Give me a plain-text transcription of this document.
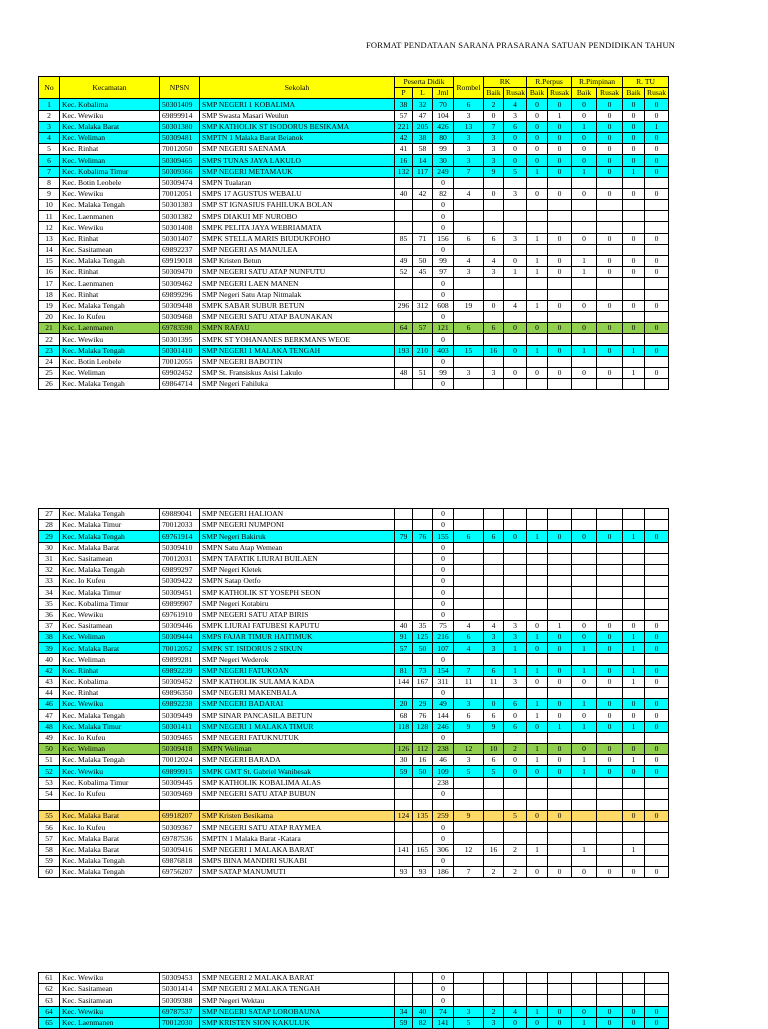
FORMAT PENDATAAN SARANA PRASARANA SATUAN PENDIDIKAN TAHUN
No	Kecamatan	NPSN	Sekolah	Peserta Didik			Rombel	RK		R.Perpus		R.Pimpinan		R. TU	
				P	L	Jml		Baik	Rusak	Baik	Rusak	Baik	Rusak	Baik	Rusak
1	Kec. Kobalima	50301409	SMP NEGERI 1 KOBALIMA	38	32	70	6	2	4	0	0	0	0	0	0
2	Kec. Wewiku	69899914	SMP Swasta Masari Weulun	57	47	104	3	0	3	0	1	0	0	0	0
3	Kec. Malaka Barat	50301380	SMP KATHOLIK ST ISODORUS BESIKAMA	221	205	426	13	7	6	0	0	1	0	0	1
4	Kec. Weliman	50309481	SMPTN 1 Malaka Barat Beianok	42	38	80	3	3	0	0	0	0	0	0	0
5	Kec. Rinhat	70012050	SMP NEGERI SAENAMA	41	58	99	3	3	0	0	0	0	0	0	0
6	Kec. Weliman	50309465	SMPS TUNAS JAYA LAKULO	16	14	30	3	3	0	0	0	0	0	0	0
7	Kec. Kobalima Timur	50309366	SMP NEGERI METAMAUK	132	117	249	7	9	5	1	0	1	0	1	0
8	Kec. Botin Leobele	50309474	SMPN Tualaran			0									
9	Kec. Wewiku	70012051	SMPS 17 AGUSTUS WEBALU	40	42	82	4	0	3	0	0	0	0	0	0
10	Kec. Malaka Tengah	50301383	SMP ST IGNASIUS FAHILUKA BOLAN			0									
11	Kec. Laenmanen	50301382	SMPS DIAKUI MF NUROBO			0									
12	Kec. Wewiku	50301408	SMPK PELITA JAYA WEBRIAMATA			0									
13	Kec. Rinhat	50301407	SMPK STELLA MARIS BIUDUKFOHO	85	71	156	6	6	3	1	0	0	0	0	0
14	Kec. Sasitamean	69892237	SMP NEGERI AS MANULEA			0									
15	Kec. Malaka Tengah	69919018	SMP Kristen Betun	49	50	99	4	4	0	1	0	1	0	0	0
16	Kec. Rinhat	50309470	SMP NEGERI SATU ATAP NUNFUTU	52	45	97	3	3	1	1	0	1	0	0	0
17	Kec. Laenmanen	50309462	SMP NEGERI LAEN MANEN			0									
18	Kec. Rinhat	69899296	SMP Negeri Satu Atap Nitmalak			0									
19	Kec. Malaka Tengah	50309448	SMPK SABAR SUBUR BETUN	296	312	608	19	0	4	1	0	0	0	0	0
20	Kec. Io Kufeu	50309468	SMP NEGERI SATU ATAP BAUNAKAN			0									
21	Kec. Laenmanen	69783598	SMPN RAFAU	64	57	121	6	6	0	0	0	0	0	0	0
22	Kec. Wewiku	50301395	SMPK ST YOHANANES BERKMANS WEOE			0									
23	Kec. Malaka Tengah	50301410	SMP NEGERI 1 MALAKA TENGAH	193	210	403	15	16	0	1	0	1	0	1	0
24	Kec. Botin Leobele	70012055	SMP NEGERI BABOTIN			0									
25	Kec. Weliman	69902452	SMP St. Fransiskus Asisi Lakulo	48	51	99	3	3	0	0	0	0	0	1	0
26	Kec. Malaka Tengah	69864714	SMP Negeri Fahiluka			0									
27	Kec. Malaka Tengah	69889041	SMP NEGERI HALIOAN			0									
28	Kec. Malaka Timur	70012033	SMP NEGERI NUMPONI			0									
29	Kec. Malaka Tengah	69761914	SMP Negeri Bakiruk	79	76	155	6	6	0	1	0	0	0	1	0
30	Kec. Malaka Barat	50309410	SMPN Satu Atap Wemean			0									
31	Kec. Sasitamean	70012031	SMPN TAFATIK LIURAI BUILAEN			0									
32	Kec. Malaka Tengah	69899297	SMP Negeri Kletek			0									
33	Kec. Io Kufeu	50309422	SMPN Satap Oetfo			0									
34	Kec. Malaka Timur	50309451	SMP KATHOLIK ST YOSEPH SEON			0									
35	Kec. Kobalima Timur	69899907	SMP Negeri Kotabiru			0									
36	Kec. Wewiku	69761910	SMP NEGERI SATU ATAP BIRIS			0									
37	Kec. Sasitamean	50309446	SMPK LIURAI FATUBESI KAPUTU	40	35	75	4	4	3	0	1	0	0	0	0
38	Kec. Weliman	50309444	SMPS FAJAR TIMUR HAITIMUK	91	125	216	6	3	3	1	0	0	0	1	0
39	Kec. Malaka Barat	70012052	SMPK ST. ISIDORUS 2 SIKUN	57	50	107	4	3	1	0	0	1	0	1	0
40	Kec. Weliman	69899281	SMP Negeri Wederok			0									
42	Kec. Rinhat	69892239	SMP NEGERI FATUKOAN	81	73	154	7	6	1	1	0	1	0	1	0
43	Kec. Kobalima	50309452	SMP KATHOLIK SULAMA KADA	144	167	311	11	11	3	0	0	0	0	1	0
44	Kec. Rinhat	69896350	SMP NEGERI MAKENBALA			0									
46	Kec. Wewiku	69892238	SMP NEGERI BADARAI	20	29	49	3	0	6	1	0	1	0	0	0
47	Kec. Malaka Tengah	50309449	SMP SINAR PANCASILA BETUN	68	76	144	6	6	0	1	0	0	0	0	0
48	Kec. Malaka Timur	50301411	SMP NEGERI 1 MALAKA TIMUR	118	128	246	9	9	6	0	1	1	0	1	0
49	Kec. Io Kufeu	50309465	SMP NEGERI FATUKNUTUK			0									
50	Kec. Weliman	50309418	SMPN Weliman	126	112	238	12	10	2	1	0	0	0	0	0
51	Kec. Malaka Tengah	70012024	SMP NEGERI BARADA	30	16	46	3	6	0	1	0	1	0	1	0
52	Kec. Wewiku	69899915	SMPK GMT St. Gabriel Wanibesak	59	50	109	5	5	0	0	0	1	0	0	0
53	Kec. Kobalima Timur	50309445	SMP KATHOLIK KOBALIMA ALAS			238									
54	Kec. Io Kufeu	50309469	SMP NEGERI SATU ATAP BUBUN			0									

55	Kec. Malaka Barat	69918207	SMP Kristen Besikama	124	135	259	9		5	0	0			0	0
56	Kec. Io Kufeu	50309367	SMP NEGERI SATU ATAP RAYMEA			0									
57	Kec. Malaka Barat	69787536	SMPTN 1 Malaka Barat -Katara			0									
58	Kec. Malaka Barat	50309416	SMP NEGERI 1 MALAKA BARAT	141	165	306	12	16	2	1		1		1	
59	Kec. Malaka Tengah	69876818	SMPS BINA MANDIRI SUKABI			0									
60	Kec. Malaka Tengah	69756207	SMP SATAP MANUMUTI	93	93	186	7	2	2	0	0	0	0	0	0
61	Kec. Wewiku	50309453	SMP NEGERI 2 MALAKA BARAT			0									
62	Kec. Sasitamean	50301414	SMP NEGERI 2 MALAKA TENGAH			0									
63	Kec. Sasitamean	50309388	SMP Negeri Wektau			0									
64	Kec. Wewiku	69787537	SMP NEGERI SATAP LOROBAUNA	34	40	74	3	2	4	1	0	0	0	0	0
65	Kec. Laenmanen	70012030	SMP KRISTEN SION KAKULUK	59	82	141	5	3	0	0	0	1	0	0	0
